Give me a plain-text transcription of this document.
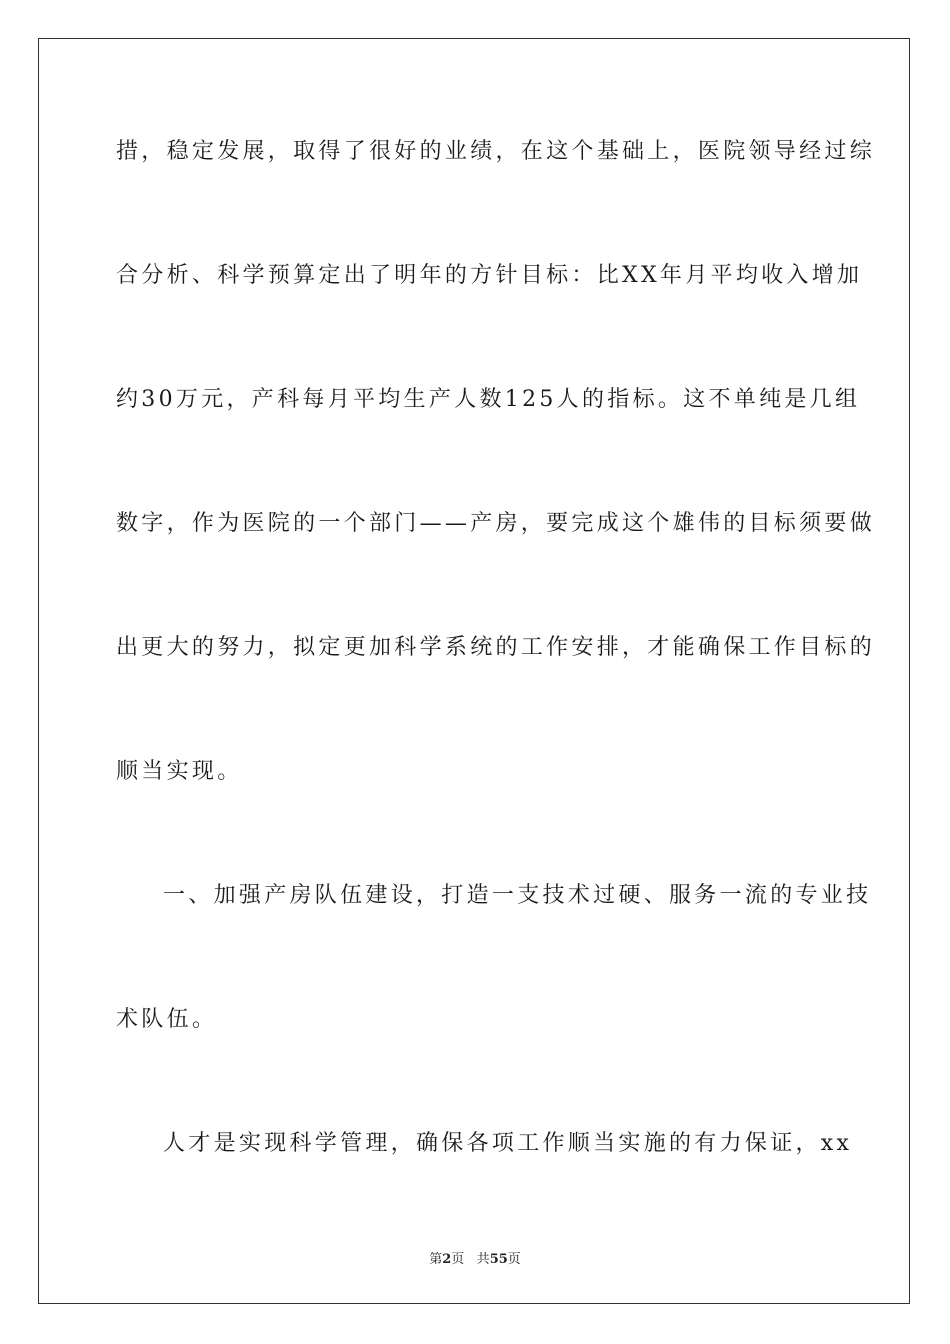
措，稳定发展，取得了很好的业绩，在这个基础上，医院领导经过综
合分析、科学预算定出了明年的方针目标：比XX年月平均收入增加
约30万元，产科每月平均生产人数125人的指标。这不单纯是几组
数字，作为医院的一个部门——产房，要完成这个雄伟的目标须要做
出更大的努力，拟定更加科学系统的工作安排，才能确保工作目标的
顺当实现。
一、加强产房队伍建设，打造一支技术过硬、服务一流的专业技
术队伍。
人才是实现科学管理，确保各项工作顺当实施的有力保证，xx
第2页 共55页
